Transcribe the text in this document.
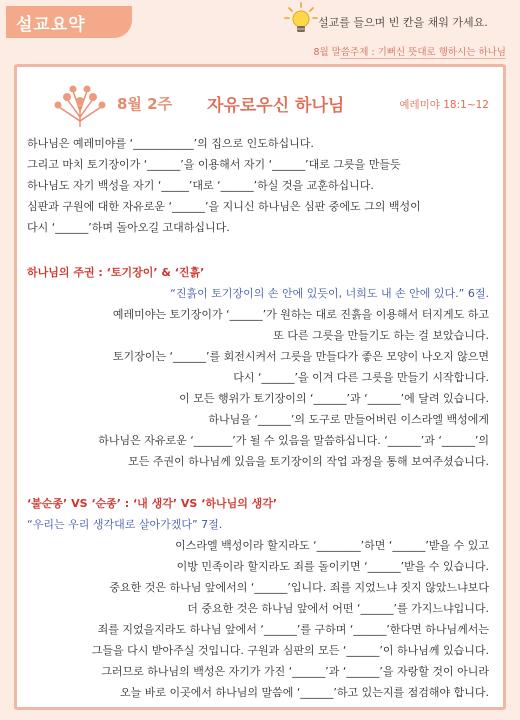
설교요약	설교를 들으며 빈 칸을 채워 가세요.
8월 말씀주제 : 기뻐신 뜻대로 행하시는 하나님
8월 2주 자유로우신 하나님	예레미야 18:1~12
하나님은 예레미야를 ‘___________’의 집으로 인도하십니다.
그리고 마치 토기장이가 ‘______’을 이용해서 자기 ‘______’대로 그릇을 만들듯
하나님도 자기 백성을 자기 ‘_____’대로 ‘______’하실 것을 교훈하십니다.
심판과 구원에 대한 자유로운 ‘______’을 지니신 하나님은 심판 중에도 그의 백성이
다시 ‘______’하며 돌아오길 고대하십니다.
하나님의 주권 : ‘토기장이’ & ‘진흙’
“진흙이 토기장이의 손 안에 있듯이, 너희도 내 손 안에 있다.” 6절.
예레미야는 토기장이가 ‘______’가 원하는 대로 진흙을 이용해서 터지게도 하고
또 다른 그릇을 만들기도 하는 걸 보았습니다.
토기장이는 ‘______’를 회전시켜서 그릇을 만들다가 좋은 모양이 나오지 않으면
다시 ‘______’을 이겨 다른 그릇을 만들기 시작합니다.
이 모든 행위가 토기장이의 ‘______’과 ‘______’에 달려 있습니다.
하나님을 ‘______’의 도구로 만들어버린 이스라엘 백성에게
하나님은 자유로운 ‘_______’가 될 수 있음을 말씀하십니다. ‘______’과 ‘______’의
모든 주권이 하나님께 있음을 토기장이의 작업 과정을 통해 보여주셨습니다.
‘불순종’ VS ‘순종’ : ‘내 생각’ VS ‘하나님의 생각’
“우리는 우리 생각대로 살아가겠다” 7절.
이스라엘 백성이라 할지라도 ‘________’하면 ‘______’받을 수 있고
이방 민족이라 할지라도 죄를 돌이키면 ‘______’받을 수 있습니다.
중요한 것은 하나님 앞에서의 ‘______’입니다. 죄를 지었느냐 짓지 않았느냐보다
더 중요한 것은 하나님 앞에서 어떤 ‘______’를 가지느냐입니다.
죄를 지었을지라도 하나님 앞에서 ‘______’를 구하며 ‘______’한다면 하나님께서는
그들을 다시 받아주실 것입니다. 구원과 심판의 모든 ‘______’이 하나님께 있습니다.
그러므로 하나님의 백성은 자기가 가진 ‘______’과 ‘______’을 자랑할 것이 아니라
오늘 바로 이곳에서 하나님의 말씀에 ‘______’하고 있는지를 점검해야 합니다.
